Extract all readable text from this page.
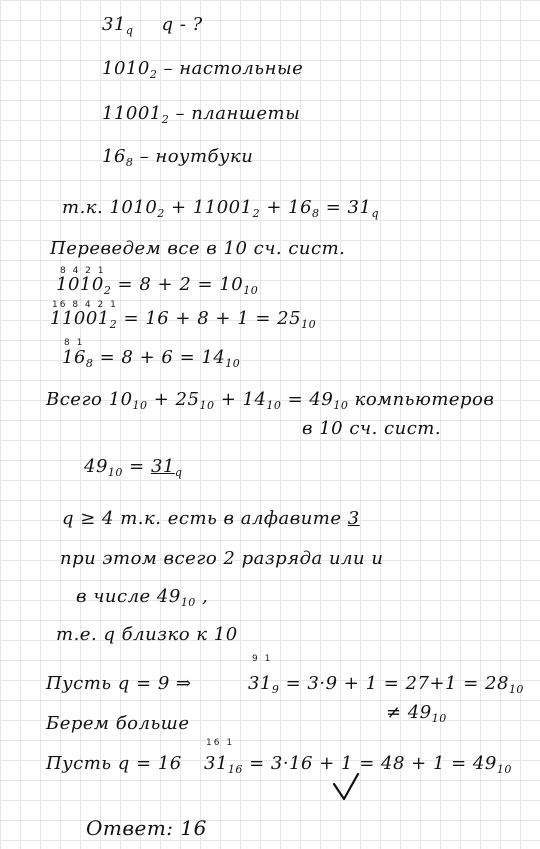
$31_q$ q - ?
$1010_2$ – настольные
$11001_2$ – планшеты
$16_8$ – ноутбуки
т.к. $1010_2 + 11001_2 + 16_8 = 31_q$
Переведем все в 10 сч. сист.
8 4 2 1
$1010_2 = 8 + 2 = 10_{10}$
16 8 4 2 1
$11001_2 = 16 + 8 + 1 = 25_{10}$
8 1
$16_8 = 8 + 6 = 14_{10}$
Всего $10_{10} + 25_{10} + 14_{10} = 49_{10}$ компьютеров
в 10 сч. сист.
$49_{10} = 31_q$
q ≥ 4 т.к. есть в алфавите 3
при этом всего 2 разряда или и
в числе $49_{10}$ ,
т.е. q близко к 10
9 1
Пусть q = 9 ⇒	$31_9 = 3\cdot 9 + 1 = 27+1 = 28_{10}$
≠ $49_{10}$
Берем больше
16 1
Пусть q = 16 $31_{16} = 3\cdot 16 + 1 = 48 + 1 = 49_{10}$
Ответ: 16
